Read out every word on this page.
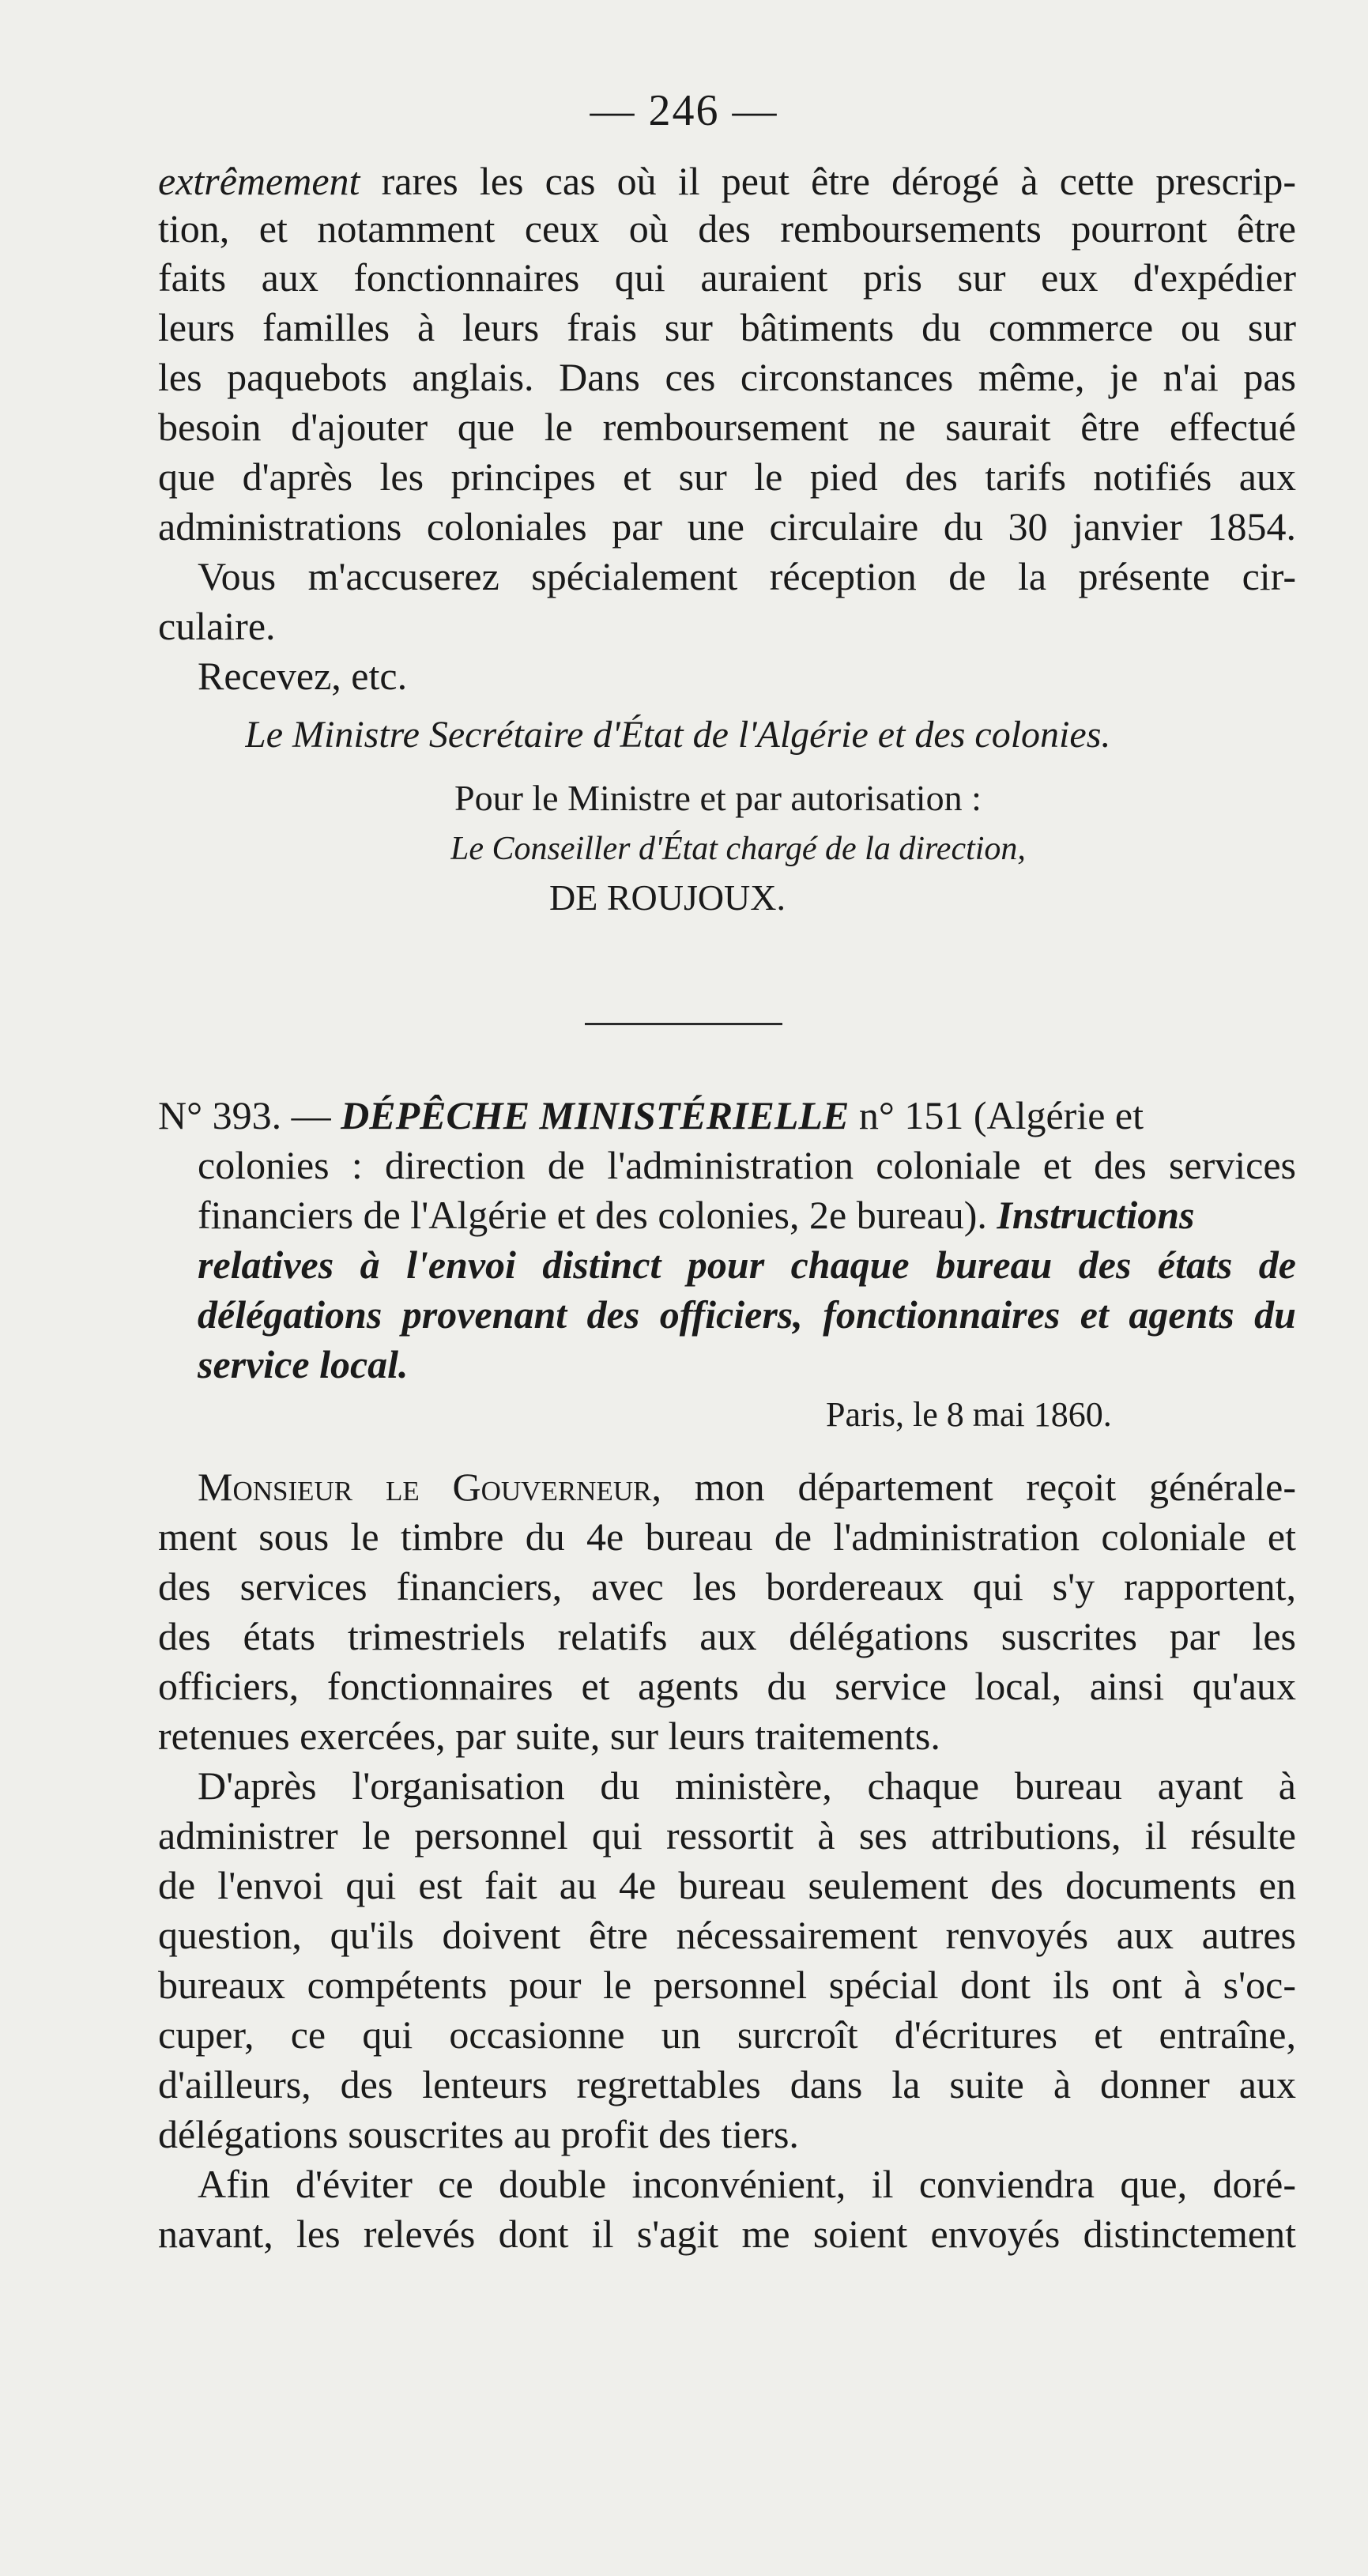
— 246 —
extrêmement rares les cas où il peut être dérogé à cette prescrip-
tion, et notamment ceux où des remboursements pourront être
faits aux fonctionnaires qui auraient pris sur eux d'expédier
leurs familles à leurs frais sur bâtiments du commerce ou sur
les paquebots anglais. Dans ces circonstances même, je n'ai pas
besoin d'ajouter que le remboursement ne saurait être effectué
que d'après les principes et sur le pied des tarifs notifiés aux
administrations coloniales par une circulaire du 30 janvier 1854.
Vous m'accuserez spécialement réception de la présente cir-
culaire.
Recevez, etc.
Le Ministre Secrétaire d'État de l'Algérie et des colonies.
Pour le Ministre et par autorisation :
Le Conseiller d'État chargé de la direction,
DE ROUJOUX.
N° 393. — DÉPÊCHE MINISTÉRIELLE n° 151 (Algérie et
colonies : direction de l'administration coloniale et des services
financiers de l'Algérie et des colonies, 2e bureau). Instructions
relatives à l'envoi distinct pour chaque bureau des états de
délégations provenant des officiers, fonctionnaires et agents du
service local.
Paris, le 8 mai 1860.
Monsieur le Gouverneur, mon département reçoit générale-
ment sous le timbre du 4e bureau de l'administration coloniale et
des services financiers, avec les bordereaux qui s'y rapportent,
des états trimestriels relatifs aux délégations suscrites par les
officiers, fonctionnaires et agents du service local, ainsi qu'aux
retenues exercées, par suite, sur leurs traitements.
D'après l'organisation du ministère, chaque bureau ayant à
administrer le personnel qui ressortit à ses attributions, il résulte
de l'envoi qui est fait au 4e bureau seulement des documents en
question, qu'ils doivent être nécessairement renvoyés aux autres
bureaux compétents pour le personnel spécial dont ils ont à s'oc-
cuper, ce qui occasionne un surcroît d'écritures et entraîne,
d'ailleurs, des lenteurs regrettables dans la suite à donner aux
délégations souscrites au profit des tiers.
Afin d'éviter ce double inconvénient, il conviendra que, doré-
navant, les relevés dont il s'agit me soient envoyés distinctement
